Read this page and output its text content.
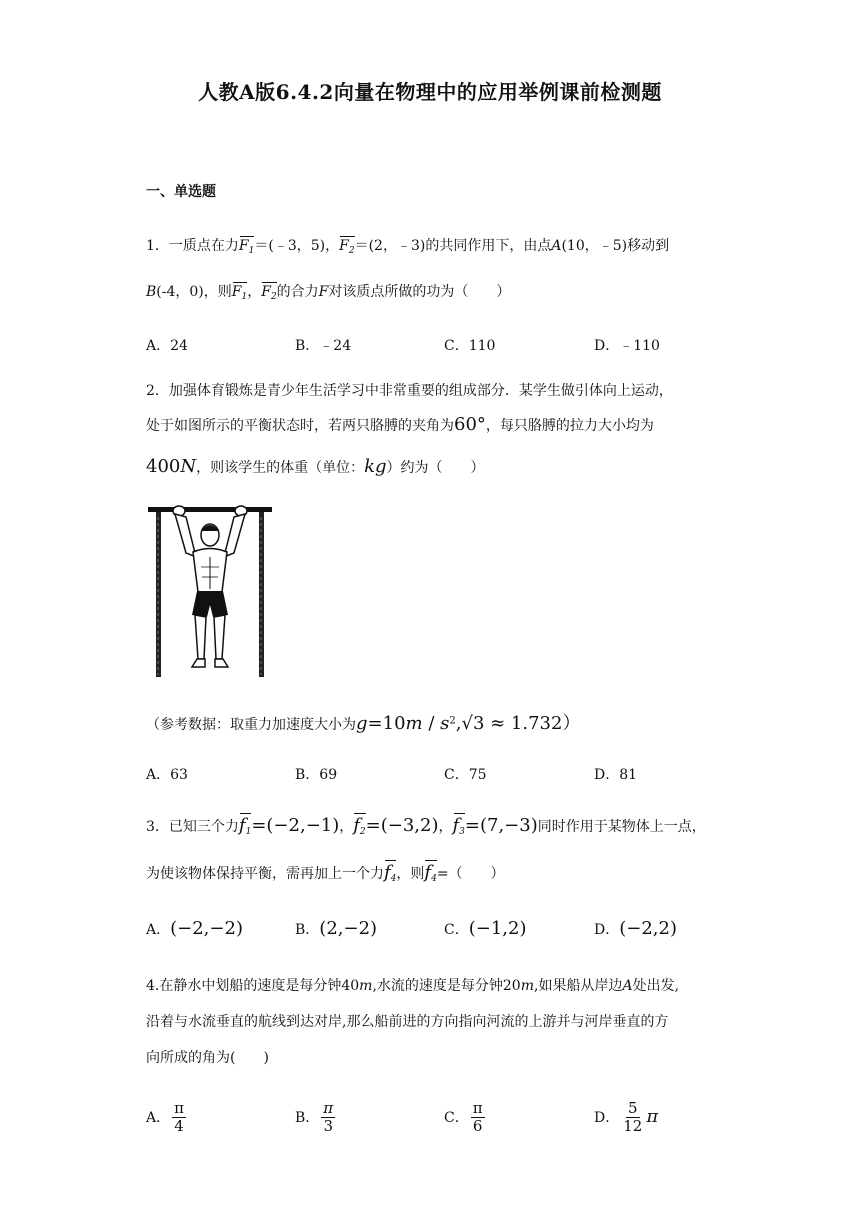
人教A版6.4.2向量在物理中的应用举例课前检测题
一、单选题
1．一质点在力$F_1=(﹣3$，5)，$F_2=(2$，﹣3)的共同作用下，由点A(10，﹣5)移动到
B(-4，0)，则$F_1$，$F_2$的合力F对该质点所做的功为（　　）
A．24	B．﹣24	C．110	D．﹣110
2．加强体育锻炼是青少年生活学习中非常重要的组成部分．某学生做引体向上运动，
处于如图所示的平衡状态时，若两只胳膊的夹角为60°，每只胳膊的拉力大小均为
400N，则该学生的体重（单位：kg）约为（　　）
（参考数据：取重力加速度大小为$g=10m / s^2,√3 \approx 1.732$）
A．63	B．69	C．75	D．81
3．已知三个力$f_1=(-2,-1)$，$f_2=(-3,2)$，$f_3=(7,-3)$同时作用于某物体上一点，
为使该物体保持平衡，需再加上一个力$f_4$，则$f_4=$（　　）
A．(−2,−2)	B．(2,−2)	C．(−1,2)	D．(−2,2)
4.在静水中划船的速度是每分钟40m,水流的速度是每分钟20m,如果船从岸边A处出发,
沿着与水流垂直的航线到达对岸,那么船前进的方向指向河流的上游并与河岸垂直的方
向所成的角为(　　)
A． $\frac{\pi}{4}$	B． $\frac{\pi}{3}$	C． $\frac{\pi}{6}$	D． $\frac{5}{12}$ π
